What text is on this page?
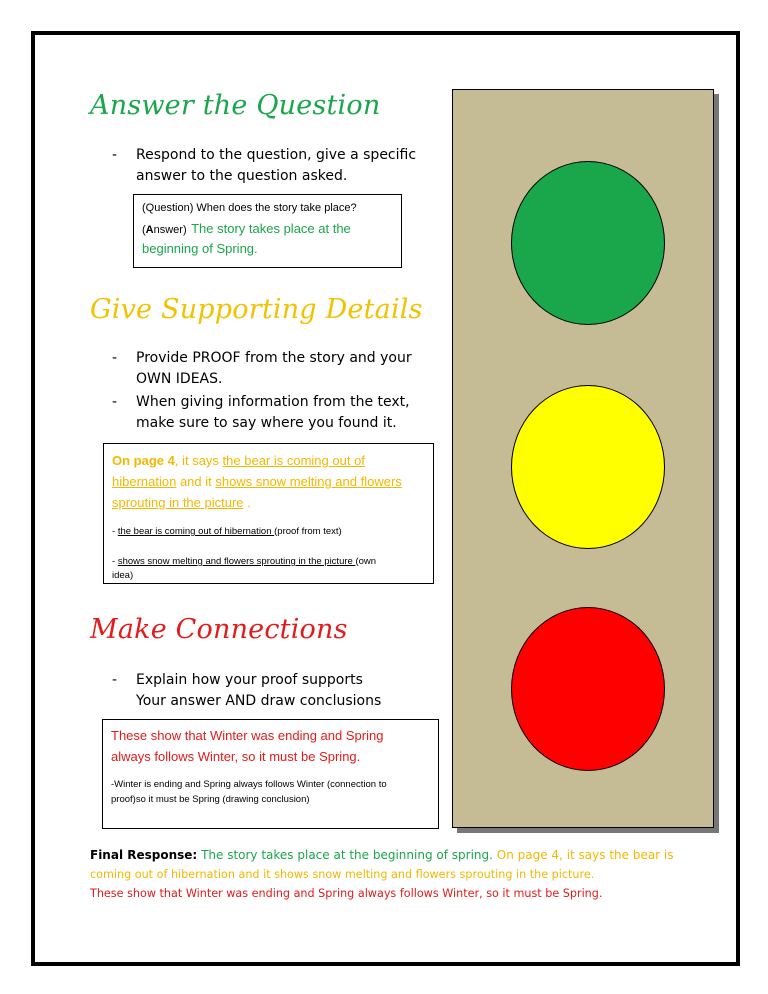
Answer the Question
- Respond to the question, give a specific
answer to the question asked.
(Question) When does the story take place?
(Answer) The story takes place at the
beginning of Spring.
Give Supporting Details
- Provide PROOF from the story and your
OWN IDEAS.
- When giving information from the text,
make sure to say where you found it.
On page 4, it says the bear is coming out of
hibernation and it shows snow melting and flowers
sprouting in the picture .
- the bear is coming out of hibernation (proof from text)
- shows snow melting and flowers sprouting in the picture (own
idea)
Make Connections
- Explain how your proof supports
Your answer AND draw conclusions
These show that Winter was ending and Spring
always follows Winter, so it must be Spring.
-Winter is ending and Spring always follows Winter (connection to
proof)so it must be Spring (drawing conclusion)
Final Response: The story takes place at the beginning of spring. On page 4, it says the bear is
coming out of hibernation and it shows snow melting and flowers sprouting in the picture.
These show that Winter was ending and Spring always follows Winter, so it must be Spring.
